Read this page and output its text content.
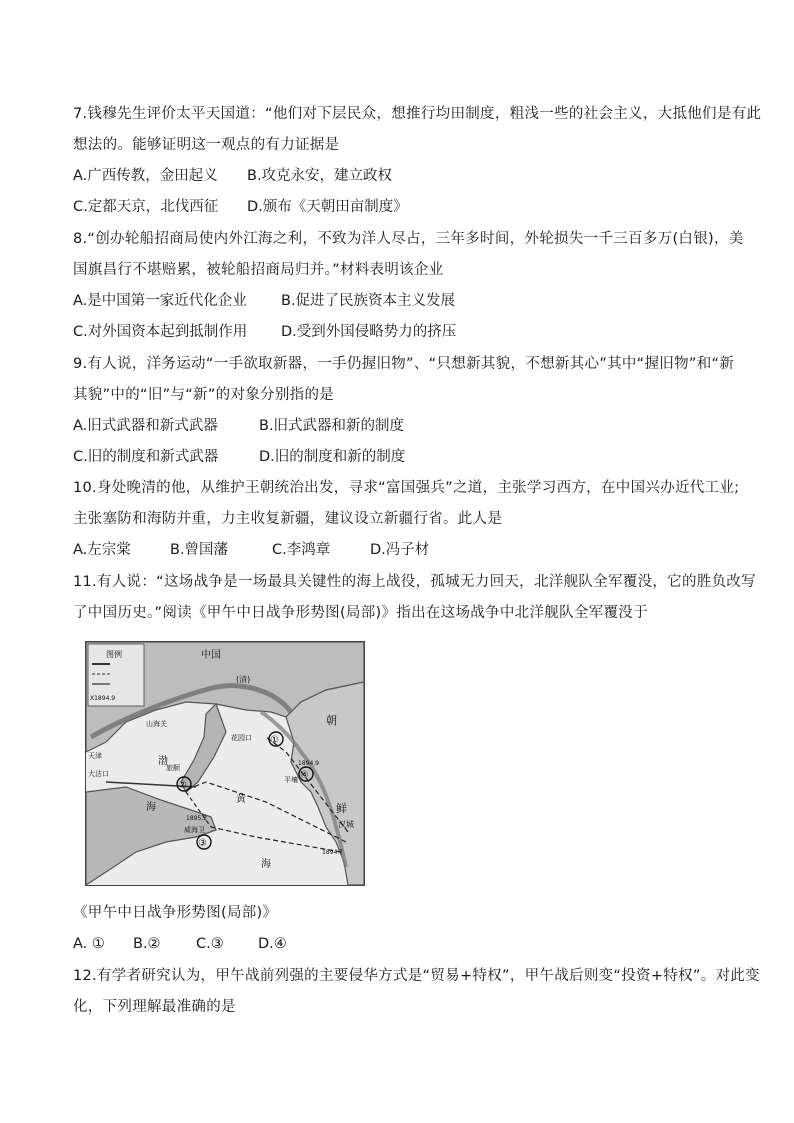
7.钱穆先生评价太平天国道：“他们对下层民众，想推行均田制度，粗浅一些的社会主义，大抵他们是有此
想法的。能够证明这一观点的有力证据是
A.广西传教，金田起义 B.攻克永安，建立政权
C.定都天京，北伐西征 D.颁布《天朝田亩制度》
8.“创办轮船招商局使内外江海之利，不致为洋人尽占，三年多时间，外轮损失一千三百多万(白银)，美
国旗昌行不堪赔累，被轮船招商局归并。”材料表明该企业
A.是中国第一家近代化企业 B.促进了民族资本主义发展
C.对外国资本起到抵制作用 D.受到外国侵略势力的挤压
9.有人说，洋务运动“一手欲取新器，一手仍握旧物”、“只想新其貌，不想新其心”其中“握旧物”和“新
其貌”中的“旧”与“新”的对象分别指的是
A.旧式武器和新式武器	B.旧式武器和新的制度
C.旧的制度和新式武器	D.旧的制度和新的制度
10.身处晚清的他，从维护王朝统治出发，寻求“富国强兵”之道，主张学习西方，在中国兴办近代工业;
主张塞防和海防并重，力主收复新疆，建议设立新疆行省。此人是
A.左宗棠	B.曾国藩	C.李鸿章	D.冯子材
11.有人说：“这场战争是一场最具关键性的海上战役，孤城无力回天，北洋舰队全军覆没，它的胜负改写
了中国历史。”阅读《甲午中日战争形势图(局部)》指出在这场战争中北洋舰队全军覆没于
图例
X1894.9
中国
(清)
朝
鲜
山海关
天津
大沽口
渤
海
黄
海
花园口
旅顺
威海卫
汉城
平壤
1894.9
1895.2
1894.7
①
②
③
④
《甲午中日战争形势图(局部)》
A. ① B.② C.③ D.④
12.有学者研究认为，甲午战前列强的主要侵华方式是“贸易+特权”，甲午战后则变“投资+特权”。对此变
化，下列理解最准确的是
